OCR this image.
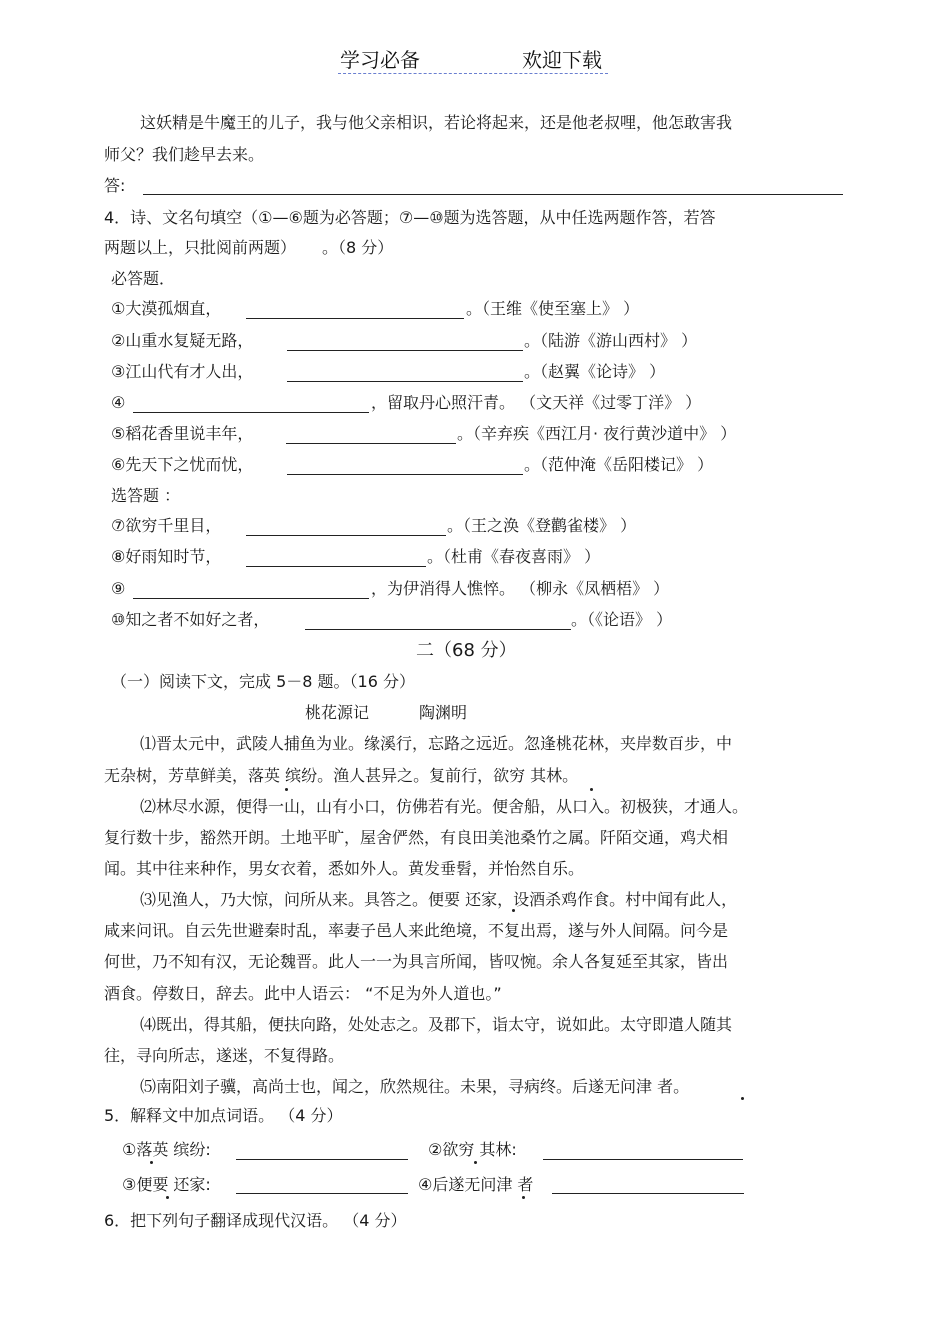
学习必备	欢迎下载
这妖精是牛魔王的儿子，我与他父亲相识，若论将起来，还是他老叔哩，他怎敢害我
师父？我们趁早去来。
答:
4．诗、文名句填空（①—⑥题为必答题；⑦—⑩题为选答题，从中任选两题作答，若答
两题以上，只批阅前两题） 。（8 分）
必答题．
①大漠孤烟直，	。（王维《使至塞上》 ）
②山重水复疑无路，	。（陆游《游山西村》 ）
③江山代有才人出，	。（赵翼《论诗》 ）
④	，留取丹心照汗青。 （文天祥《过零丁洋》 ）
⑤稻花香里说丰年，	。（辛弃疾《西江月· 夜行黄沙道中》 ）
⑥先天下之忧而忧，	。（范仲淹《岳阳楼记》 ）
选答题 ：
⑦欲穷千里目，	。（王之涣《登鹳雀楼》 ）
⑧好雨知时节，	。（杜甫《春夜喜雨》 ）
⑨	，为伊消得人憔悴。 （柳永《凤栖梧》 ）
⑩知之者不如好之者，	。（《论语》 ）
二（68 分）
（一）阅读下文，完成 5－8 题。（16 分）
桃花源记	陶渊明
⑴晋太元中，武陵人捕鱼为业。缘溪行，忘路之远近。忽逢桃花林，夹岸数百步，中
无杂树，芳草鲜美，落英 缤纷。渔人甚异之。复前行，欲穷 其林。
⑵林尽水源，便得一山，山有小口，仿佛若有光。便舍船，从口入。初极狭，才通人。
复行数十步，豁然开朗。土地平旷，屋舍俨然，有良田美池桑竹之属。阡陌交通，鸡犬相
闻。其中往来种作，男女衣着，悉如外人。黄发垂髫，并怡然自乐。
⑶见渔人，乃大惊，问所从来。具答之。便要 还家，设酒杀鸡作食。村中闻有此人，
咸来问讯。自云先世避秦时乱，率妻子邑人来此绝境，不复出焉，遂与外人间隔。问今是
何世，乃不知有汉，无论魏晋。此人一一为具言所闻，皆叹惋。余人各复延至其家，皆出
酒食。停数日，辞去。此中人语云： “不足为外人道也。”
⑷既出，得其船，便扶向路，处处志之。及郡下，诣太守，说如此。太守即遣人随其
往，寻向所志，遂迷，不复得路。
⑸南阳刘子骥，高尚士也，闻之，欣然规往。未果，寻病终。后遂无问津 者。
5．解释文中加点词语。 （4 分）
①落英 缤纷:	②欲穷 其林:
③便要 还家:	④后遂无问津 者
6．把下列句子翻译成现代汉语。 （4 分）
